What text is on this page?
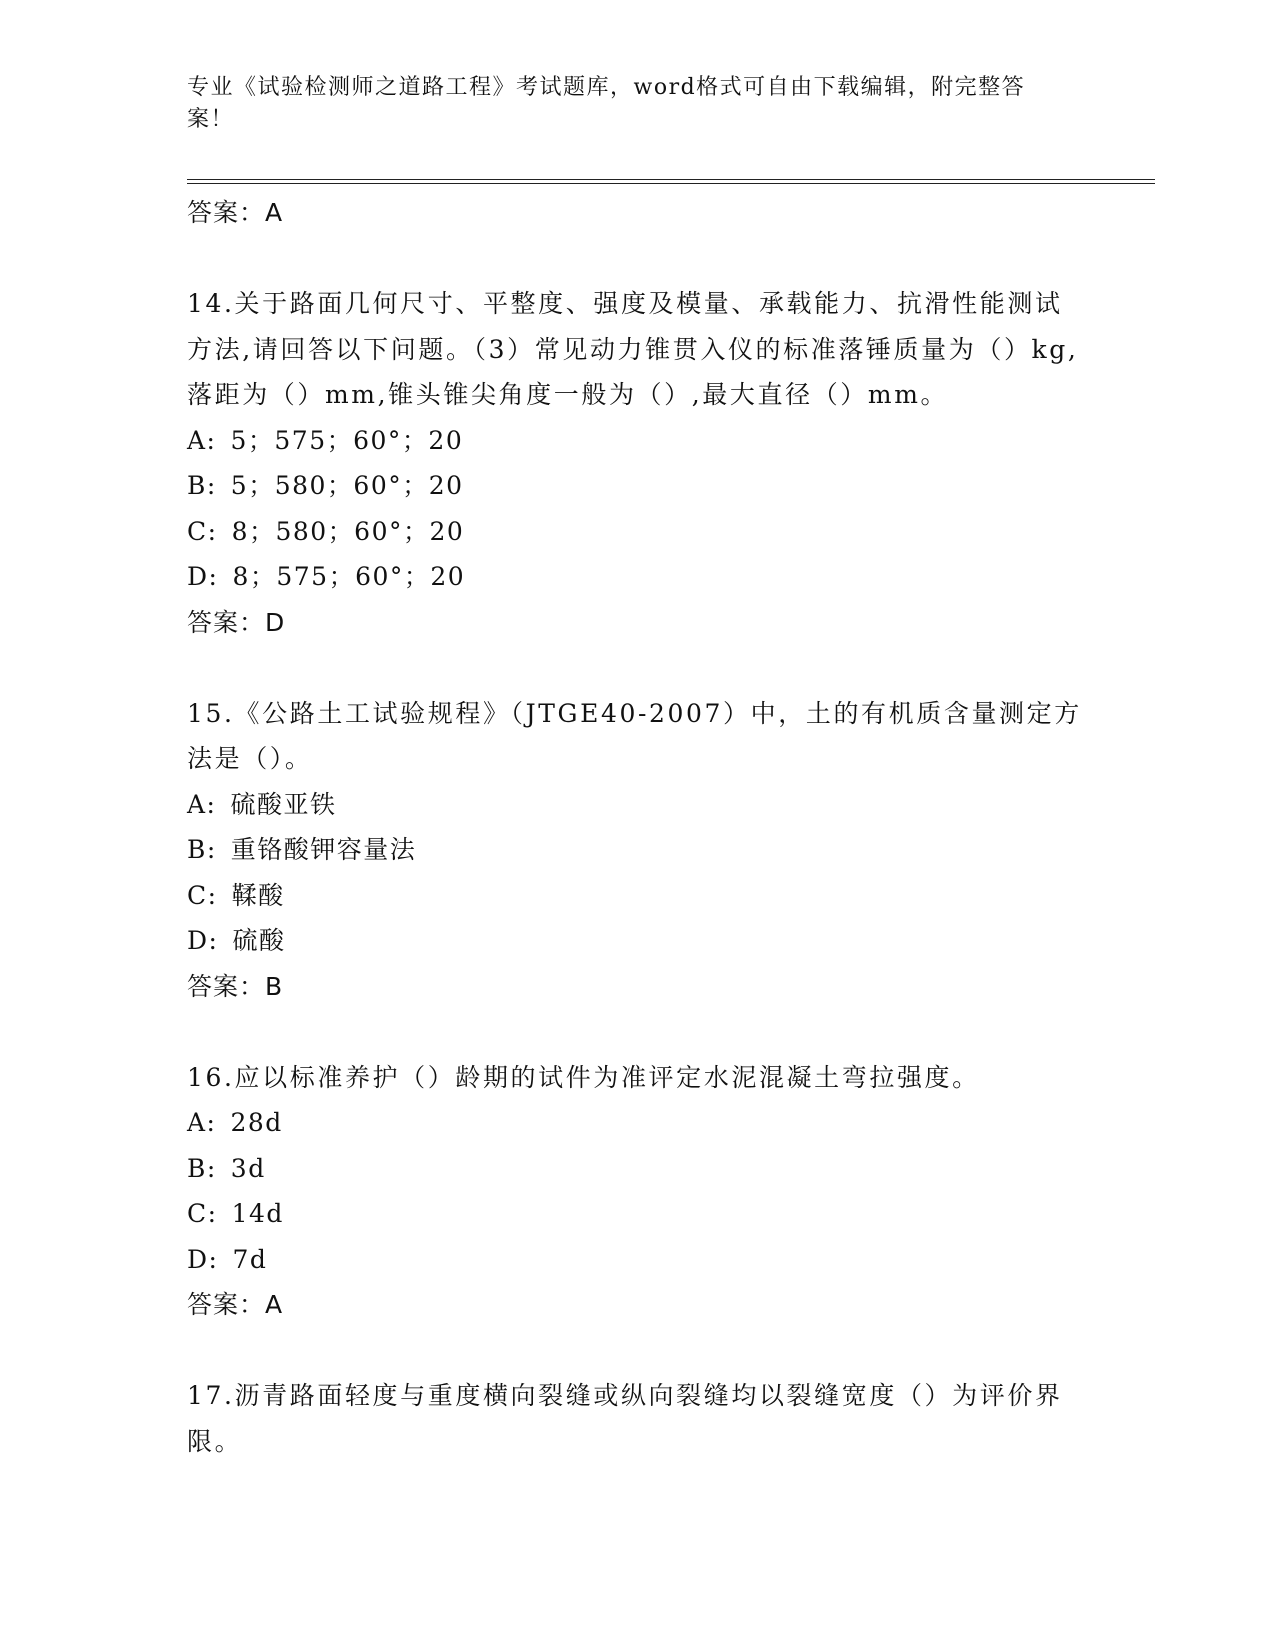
专业《试验检测师之道路工程》考试题库，word格式可自由下载编辑，附完整答案！
答案：A
14.关于路面几何尺寸、平整度、强度及模量、承载能力、抗滑性能测试方法,请回答以下问题。（3）常见动力锥贯入仪的标准落锤质量为（）kg,落距为（）mm,锥头锥尖角度一般为（）,最大直径（）mm。
A: 5；575；60°；20
B: 5；580；60°；20
C: 8；580；60°；20
D: 8；575；60°；20
答案：D
15.《公路土工试验规程》（JTGE40-2007）中，土的有机质含量测定方法是（）。
A: 硫酸亚铁
B: 重铬酸钾容量法
C: 鞣酸
D: 硫酸
答案：B
16.应以标准养护（）龄期的试件为准评定水泥混凝土弯拉强度。
A: 28d
B: 3d
C: 14d
D: 7d
答案：A
17.沥青路面轻度与重度横向裂缝或纵向裂缝均以裂缝宽度（）为评价界限。
